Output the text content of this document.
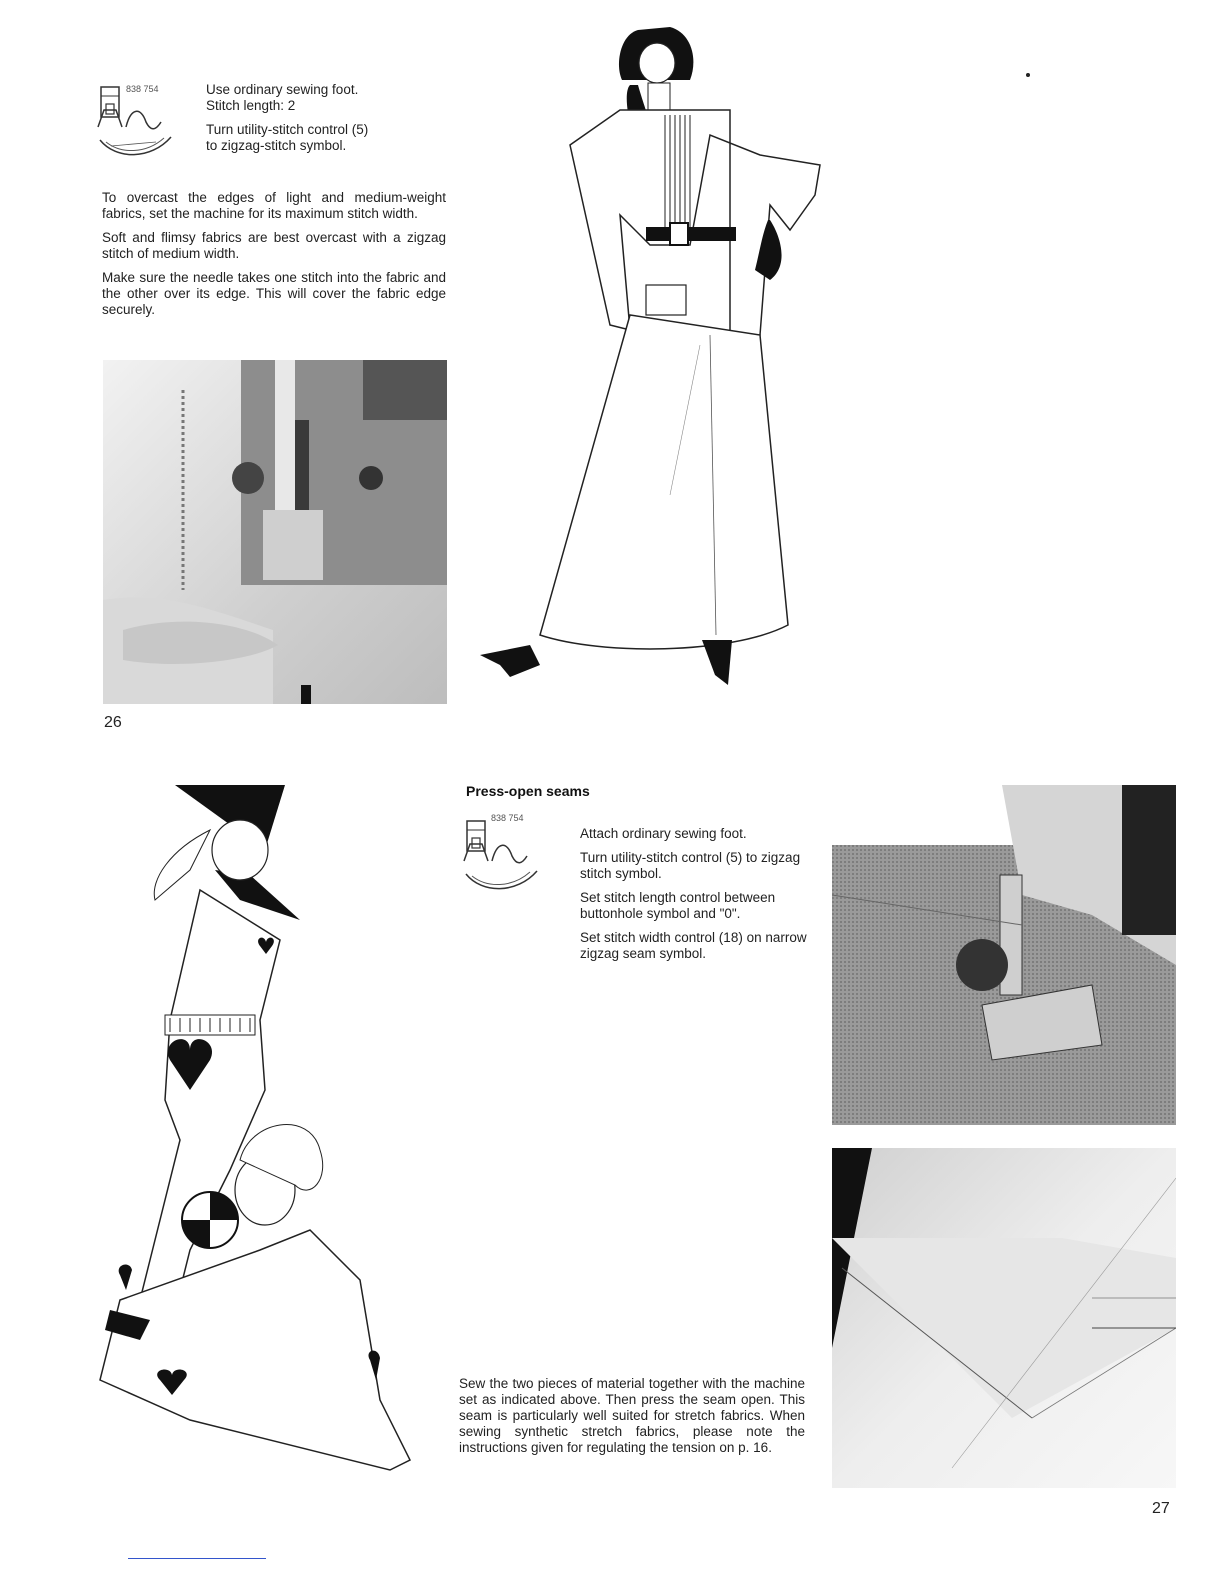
838 754	Use ordinary sewing foot.

Stitch length: 2

Turn utility-stitch control (5)

to zigzag-stitch symbol.

To overcast the edges of light and medium-weight fabrics, set the machine for its maximum stitch width.

Soft and flimsy fabrics are best overcast with a zigzag stitch of medium width.

Make sure the needle takes one stitch into the fabric and the other over its edge. This will cover the fabric edge securely.

26
Press-open seams
838 754

Attach ordinary sewing foot.

Turn utility-stitch control (5) to zigzag stitch symbol.

Set stitch length control between buttonhole symbol and "0".

Set stitch width control (18) on narrow zigzag seam symbol.

Sew the two pieces of material together with the machine set as indicated above. Then press the seam open. This seam is particularly well suited for stretch fabrics. When sewing synthetic stretch fabrics, please note the instructions given for regulating the tension on p. 16.
27
